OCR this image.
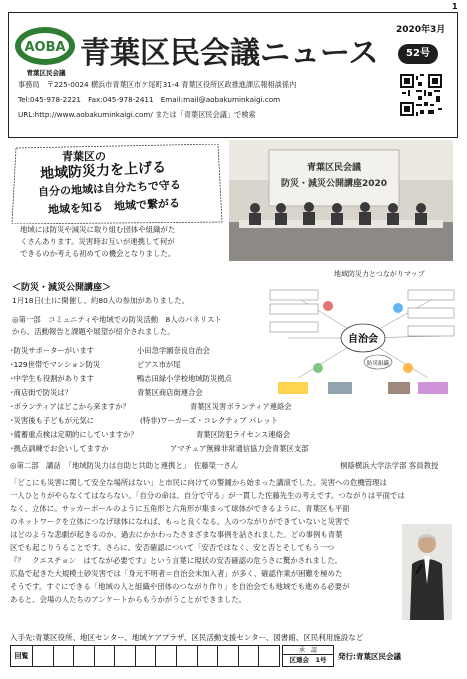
1
AOBA
青葉区民会議
青葉区民会議ニュース
2020年3月
52号
事務局　〒225-0024 横浜市青葉区市ケ尾町31-4 青葉区役所区政推進課広報相談係内
Tel:045-978-2221　Fax:045-978-2411　Email:mail@aobakuminkaigi.com
URL:http://www.aobakuminkaigi.com/ または「青葉区民会議」で検索
青葉区の
地域防災力を上げる
自分の地域は自分たちで守る
地域を知る　地域で繋がる
地域には防災や減災に取り組む団体や組織がた
くさんあります。災害時お互いが連携して何が
できるのか考える初めての機会となりました。
青葉区民会議
防災・減災公開講座2020
＜防災・減災公開講座＞
1月18日(土)に開催し、約80人の参加がありました。
◎第一部　コミュニティや地域での防災活動　8人のパネリスト
から、活動報告と課題や展望が紹介されました。
地域防災力とつながりマップ
自治会
防災組織
･防災サポーターがいます	小田急学園奈良自治会
･129世帯でマンション防災	ピアス市が尾
･中学生も役割があります	鴨志田緑小学校地域防災拠点
･商店街で防災は？	青葉区商店街連合会
･ボランティアはどこから来ますか？	青葉区災害ボランティア連絡会
･災害後も子どもが元気に	(特非)ワーカーズ・コレクティブ パレット
･備蓄重点検は定期的にしていますか？	青葉区防犯ライセンス連絡会
･拠点訓練でお会いしてますか	アマチュア無線非常通信協力会青葉区支部
◎第二部　講話　「地域防災力は自助と共助と連携と」　佐藤榮一さん	桐蔭横浜大学法学部 客員教授
「どこにも災害に関して安全な場所はない」と市民に向けての警鐘から始まった講演でした。災害への危機管理は
一人ひとりがやらなくてはならない。「自分の命は、自分で守る」が一貫した佐藤先生の考えです。つながりは平面では
なく、立体に。サッカーボールのように五角形と六角形が集まって球体ができるように、青葉区も平面
のネットワークを立体につなげ球体になれば、もっと良くなる。人のつながりができていないと災害で
はどのような悲劇が起きるのか、過去にかかわったさまざまな事例を話されました。どの事例も青葉
区でも起こりうることです。さらに、安否確認について「安否ではなく、安と否とそしてもう一つ
『？　クエスチョン　はてなが必要です』という言葉に現状の安否確認の危うさに驚かされました。
広島で起きた大規模土砂災害では「身元不明者＝自治会未加入者」が多く、確認作業が困難を極めた
そうです。すぐにできる「地域の人と組織や団体のつながり作り」を自治会でも地域でも進める必要が
あると、会場の人たちのアンケートからもうかがうことができました。
入手先:青葉区役所、地区センター、地域ケアプラザ、区民活動支援センター、図書館、区民利用施設など
回覧
承　認
区連会　1号	発行:青葉区民会議
